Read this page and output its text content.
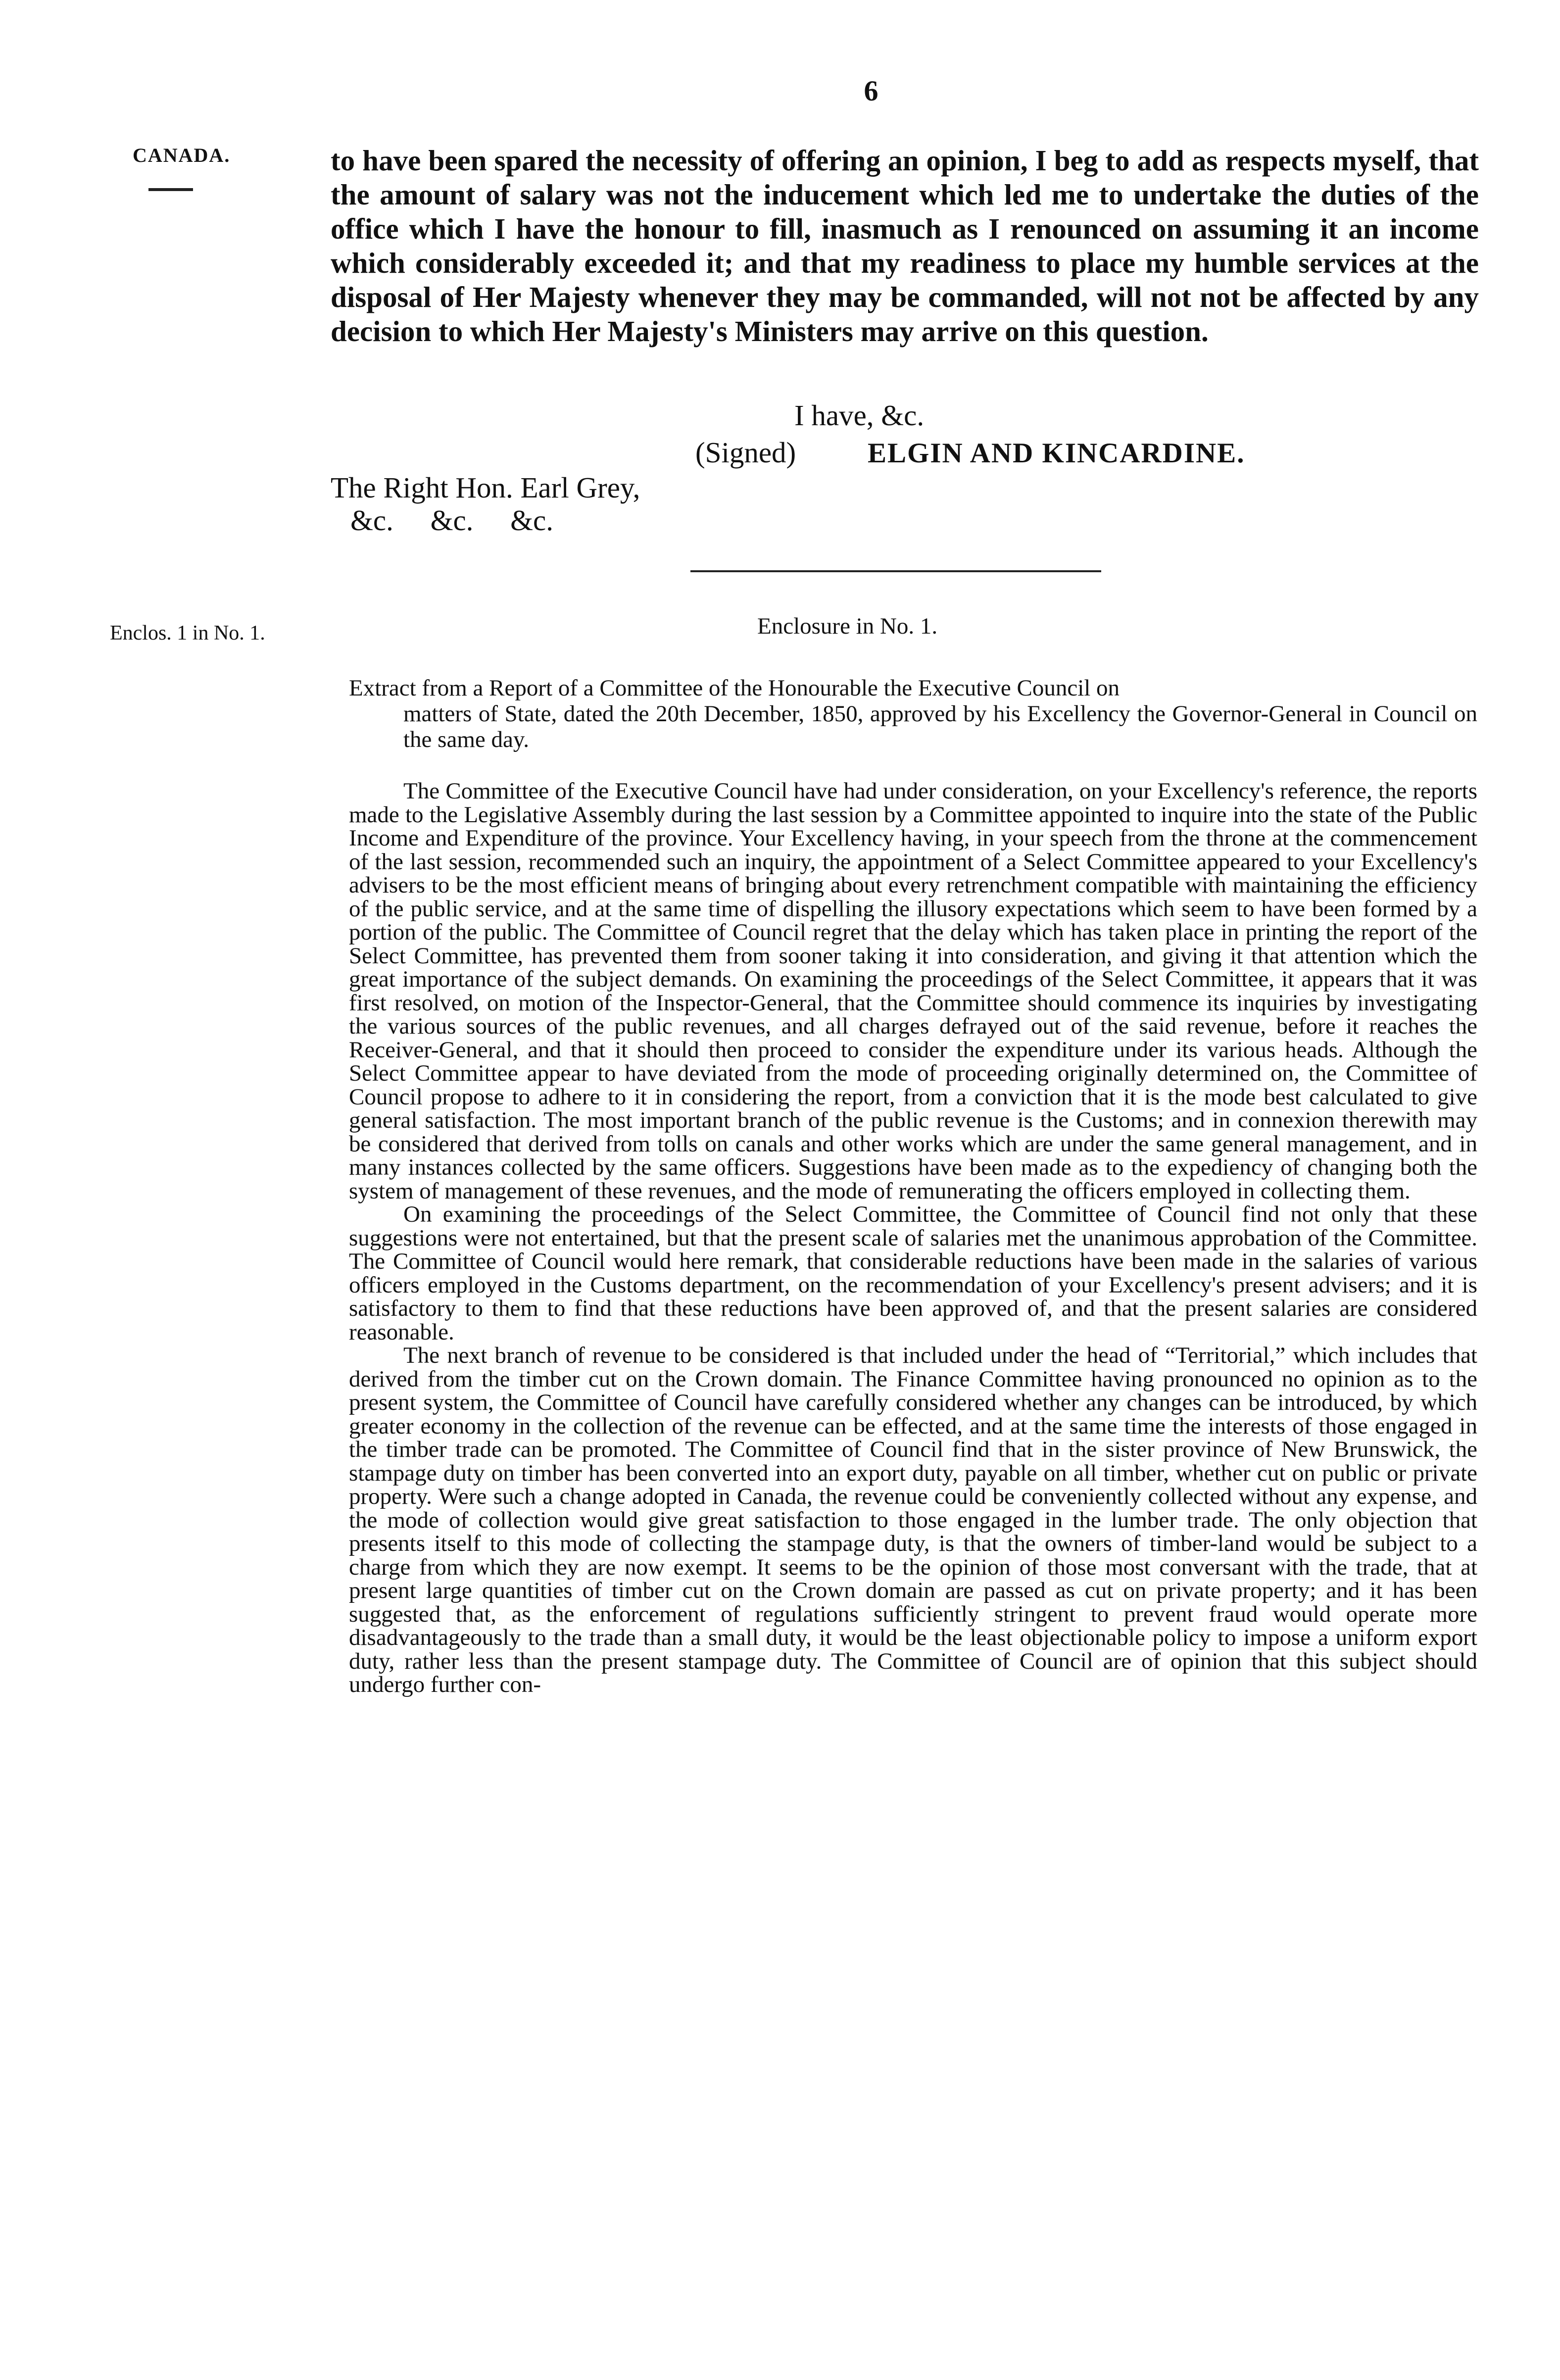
6
CANADA.	to have been spared the necessity of offering an opinion, I beg to add as respects myself, that the amount of salary was not the inducement which led me to undertake the duties of the office which I have the honour to fill, inasmuch as I renounced on assuming it an income which considerably exceeded it; and that my readiness to place my humble services at the disposal of Her Majesty whenever they may be commanded, will not not be affected by any decision to which Her Majesty's Ministers may arrive on this question.

I have, &c.
(Signed)	ELGIN AND KINCARDINE.
The Right Hon. Earl Grey,
&c. &c. &c.
Enclos. 1 in No. 1.	Enclosure in No. 1.
Extract from a Report of a Committee of the Honourable the Executive Council on
matters of State, dated the 20th December, 1850, approved by his Excellency the Governor-General in Council on the same day.

The Committee of the Executive Council have had under consideration, on your Excellency's reference, the reports made to the Legislative Assembly during the last session by a Committee appointed to inquire into the state of the Public Income and Expenditure of the province. Your Excellency having, in your speech from the throne at the commencement of the last session, recommended such an inquiry, the appointment of a Select Committee appeared to your Excellency's advisers to be the most efficient means of bringing about every retrenchment compatible with maintaining the efficiency of the public service, and at the same time of dispelling the illusory expectations which seem to have been formed by a portion of the public. The Committee of Council regret that the delay which has taken place in printing the report of the Select Committee, has prevented them from sooner taking it into consideration, and giving it that attention which the great importance of the subject demands. On examining the proceedings of the Select Committee, it appears that it was first resolved, on motion of the Inspector-General, that the Committee should commence its inquiries by investigating the various sources of the public revenues, and all charges defrayed out of the said revenue, before it reaches the Receiver-General, and that it should then proceed to consider the expenditure under its various heads. Although the Select Committee appear to have deviated from the mode of proceeding originally determined on, the Committee of Council propose to adhere to it in considering the report, from a conviction that it is the mode best calculated to give general satisfaction. The most important branch of the public revenue is the Customs; and in connexion therewith may be considered that derived from tolls on canals and other works which are under the same general management, and in many instances collected by the same officers. Suggestions have been made as to the expediency of changing both the system of management of these revenues, and the mode of remunerating the officers employed in collecting them.

On examining the proceedings of the Select Committee, the Committee of Council find not only that these suggestions were not entertained, but that the present scale of salaries met the unanimous approbation of the Committee. The Committee of Council would here remark, that considerable reductions have been made in the salaries of various officers employed in the Customs department, on the recommendation of your Excellency's present advisers; and it is satisfactory to them to find that these reductions have been approved of, and that the present salaries are considered reasonable.

The next branch of revenue to be considered is that included under the head of “Territorial,” which includes that derived from the timber cut on the Crown domain. The Finance Committee having pronounced no opinion as to the present system, the Committee of Council have carefully considered whether any changes can be introduced, by which greater economy in the collection of the revenue can be effected, and at the same time the interests of those engaged in the timber trade can be promoted. The Committee of Council find that in the sister province of New Brunswick, the stampage duty on timber has been converted into an export duty, payable on all timber, whether cut on public or private property. Were such a change adopted in Canada, the revenue could be conveniently collected without any expense, and the mode of collection would give great satisfaction to those engaged in the lumber trade. The only objection that presents itself to this mode of collecting the stampage duty, is that the owners of timber-land would be subject to a charge from which they are now exempt. It seems to be the opinion of those most conversant with the trade, that at present large quantities of timber cut on the Crown domain are passed as cut on private property; and it has been suggested that, as the enforcement of regulations sufficiently stringent to prevent fraud would operate more disadvantageously to the trade than a small duty, it would be the least objectionable policy to impose a uniform export duty, rather less than the present stampage duty. The Committee of Council are of opinion that this subject should undergo further con-
